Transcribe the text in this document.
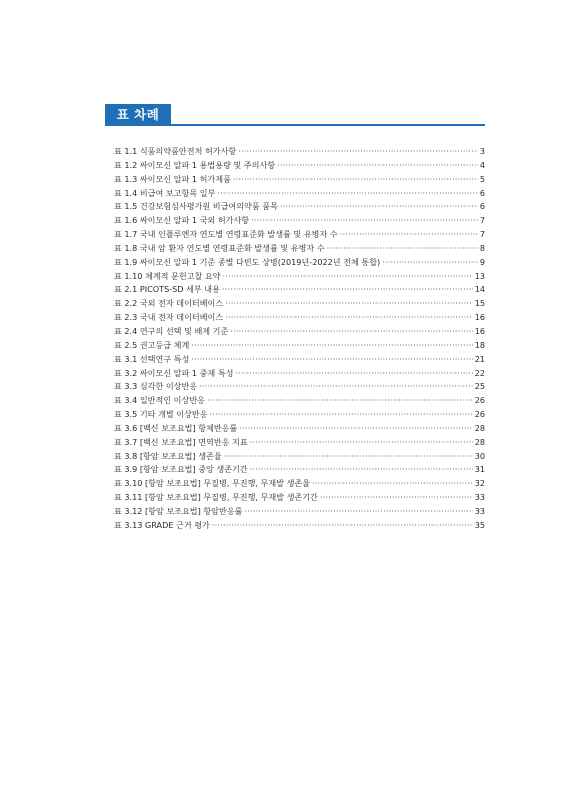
표 차례
표 1.1 식품의약품안전처 허가사항 ·····	3
표 1.2 싸이모신 알파 1 용법용량 및 주의사항 ·····	4
표 1.3 싸이모신 알파 1 허가제품 ·····	5
표 1.4 비급여 보고항목 일부 ·····	6
표 1.5 건강보험심사평가원 비급여의약품 품목 ·····	6
표 1.6 싸이모신 알파 1 국외 허가사항 ·····	7
표 1.7 국내 인플루엔자 연도별 연령표준화 발생률 및 유병자 수 ·····	7
표 1.8 국내 암 환자 연도별 연령표준화 발생률 및 유병자 수 ·····	8
표 1.9 싸이모신 알파 1 기준 종별 다빈도 상병(2019년-2022년 전체 통합) ·····	9
표 1.10 체계적 문헌고찰 요약 ·····	13
표 2.1 PICOTS-SD 세부 내용 ·····	14
표 2.2 국외 전자 데이터베이스 ·····	15
표 2.3 국내 전자 데이터베이스 ·····	16
표 2.4 연구의 선택 및 배제 기준 ·····	16
표 2.5 권고등급 체계 ·····	18
표 3.1 선택연구 특성 ·····	21
표 3.2 싸이모신 알파 1 중재 특성 ·····	22
표 3.3 심각한 이상반응 ·····	25
표 3.4 일반적인 이상반응 ·····	26
표 3.5 기타 개별 이상반응 ·····	26
표 3.6 [백신 보조요법] 항체반응률 ·····	28
표 3.7 [백신 보조요법] 면역반응 지표 ·····	28
표 3.8 [항암 보조요법] 생존율 ·····	30
표 3.9 [항암 보조요법] 중앙 생존기간 ·····	31
표 3.10 [항암 보조요법] 무질병, 무진행, 무재발 생존율 ·····	32
표 3.11 [항암 보조요법] 무질병, 무진행, 무재발 생존기간 ·····	33
표 3.12 [항암 보조요법] 항암반응률 ·····	33
표 3.13 GRADE 근거 평가 ·····	35
